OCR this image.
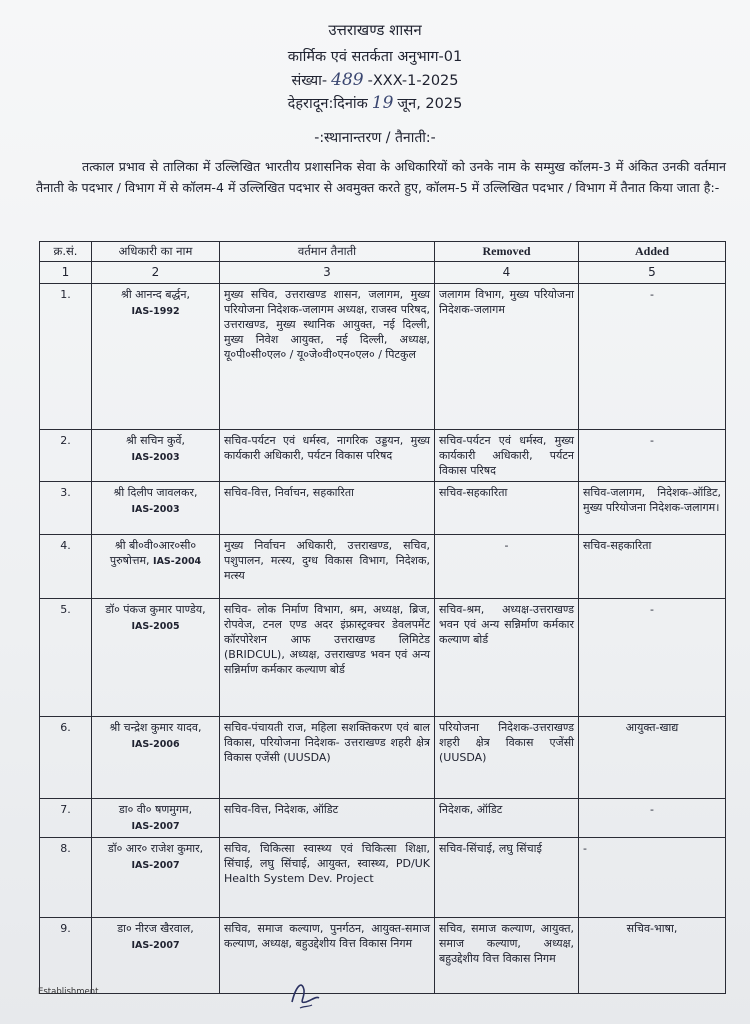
उत्तराखण्ड शासन
कार्मिक एवं सतर्कता अनुभाग-01
संख्या- 489 -XXX-1-2025
देहरादून:दिनांक 19 जून, 2025
-:स्थानान्तरण / तैनाती:-
तत्काल प्रभाव से तालिका में उल्लिखित भारतीय प्रशासनिक सेवा के अधिकारियों को उनके नाम के सम्मुख कॉलम-3 में अंकित उनकी वर्तमान तैनाती के पदभार / विभाग में से कॉलम-4 में उल्लिखित पदभार से अवमुक्त करते हुए, कॉलम-5 में उल्लिखित पदभार / विभाग में तैनात किया जाता है:-
क्र.सं.	अधिकारी का नाम	वर्तमान तैनाती	Removed	Added
1	2	3	4	5
1.	श्री आनन्द बर्द्धन,
IAS-1992	मुख्य सचिव, उत्तराखण्ड शासन, जलागम, मुख्य परियोजना निदेशक-जलागम अध्यक्ष, राजस्व परिषद, उत्तराखण्ड, मुख्य स्थानिक आयुक्त, नई दिल्ली, मुख्य निवेश आयुक्त, नई दिल्ली, अध्यक्ष, यू०पी०सी०एल० / यू०जे०वी०एन०एल० / पिटकुल	जलागम विभाग, मुख्य परियोजना निदेशक-जलागम	-
2.	श्री सचिन कुर्वे,
IAS-2003	सचिव-पर्यटन एवं धर्मस्व, नागरिक उड्डयन, मुख्य कार्यकारी अधिकारी, पर्यटन विकास परिषद	सचिव-पर्यटन एवं धर्मस्व, मुख्य कार्यकारी अधिकारी, पर्यटन विकास परिषद	-
3.	श्री दिलीप जावलकर,
IAS-2003	सचिव-वित्त, निर्वाचन, सहकारिता	सचिव-सहकारिता	सचिव-जलागम, निदेशक-ऑडिट, मुख्य परियोजना निदेशक-जलागम।
4.	श्री बी०वी०आर०सी० पुरुषोत्तम, IAS-2004	मुख्य निर्वाचन अधिकारी, उत्तराखण्ड, सचिव, पशुपालन, मत्स्य, दुग्ध विकास विभाग, निदेशक, मत्स्य	-	सचिव-सहकारिता
5.	डॉ० पंकज कुमार पाण्डेय,
IAS-2005	सचिव- लोक निर्माण विभाग, श्रम, अध्यक्ष, ब्रिज, रोपवेज, टनल एण्ड अदर इंफ्रास्ट्रक्चर डेवलपमेंट कॉरपोरेशन आफ उत्तराखण्ड लिमिटेड (BRIDCUL), अध्यक्ष, उत्तराखण्ड भवन एवं अन्य सन्निर्माण कर्मकार कल्याण बोर्ड	सचिव-श्रम, अध्यक्ष-उत्तराखण्ड भवन एवं अन्य सन्निर्माण कर्मकार कल्याण बोर्ड	-
6.	श्री चन्द्रेश कुमार यादव,
IAS-2006	सचिव-पंचायती राज, महिला सशक्तिकरण एवं बाल विकास, परियोजना निदेशक- उत्तराखण्ड शहरी क्षेत्र विकास एजेंसी (UUSDA)	परियोजना निदेशक-उत्तराखण्ड शहरी क्षेत्र विकास एजेंसी (UUSDA)	आयुक्त-खाद्य
7.	डा० वी० षणमुगम,
IAS-2007	सचिव-वित्त, निदेशक, ऑडिट	निदेशक, ऑडिट	-
8.	डॉ० आर० राजेश कुमार,
IAS-2007	सचिव, चिकित्सा स्वास्थ्य एवं चिकित्सा शिक्षा, सिंचाई, लघु सिंचाई, आयुक्त, स्वास्थ्य, PD/UK Health System Dev. Project	सचिव-सिंचाई, लघु सिंचाई	-
9.	डा० नीरज खैरवाल,
IAS-2007	सचिव, समाज कल्याण, पुनर्गठन, आयुक्त-समाज कल्याण, अध्यक्ष, बहुउद्देशीय वित्त विकास निगम	सचिव, समाज कल्याण, आयुक्त, समाज कल्याण, अध्यक्ष, बहुउद्देशीय वित्त विकास निगम	सचिव-भाषा,
Establishment
